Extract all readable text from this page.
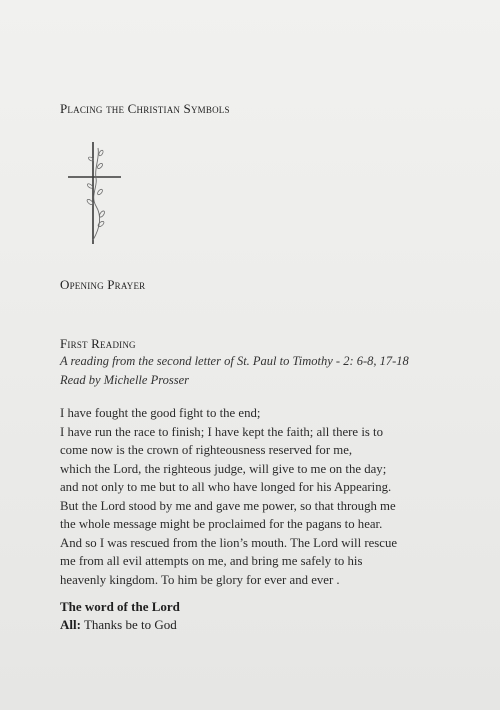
Placing the Christian Symbols
Opening Prayer
First Reading
A reading from the second letter of St. Paul to Timothy - 2: 6-8, 17-18
Read by Michelle Prosser
I have fought the good fight to the end;
I have run the race to finish; I have kept the faith; all there is to
come now is the crown of righteousness reserved for me,
which the Lord, the righteous judge, will give to me on the day;
and not only to me but to all who have longed for his Appearing.
But the Lord stood by me and gave me power, so that through me
the whole message might be proclaimed for the pagans to hear.
And so I was rescued from the lion’s mouth. The Lord will rescue
me from all evil attempts on me, and bring me safely to his
heavenly kingdom. To him be glory for ever and ever .
The word of the Lord
All: Thanks be to God
